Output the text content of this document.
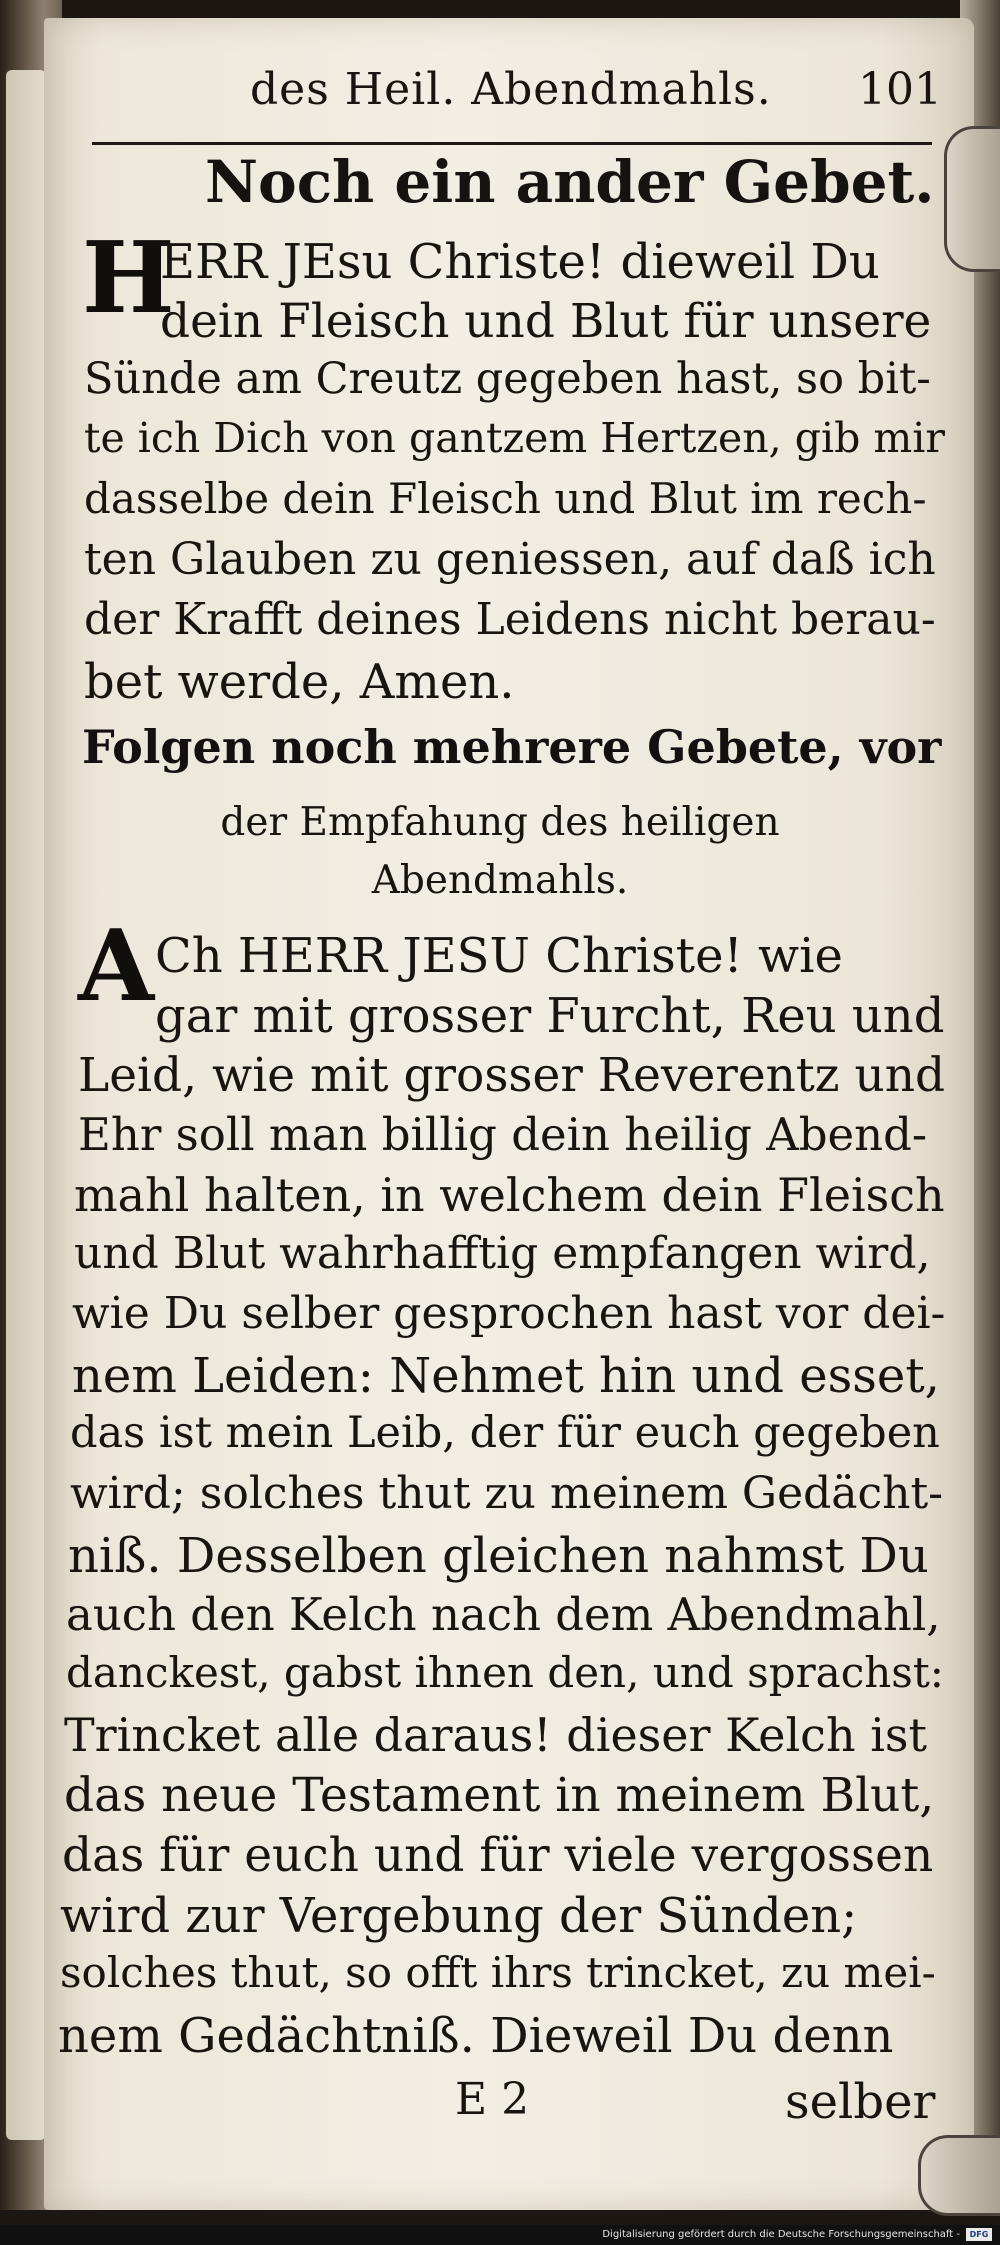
des Heil. Abendmahls. 101
Noch ein ander Gebet.
H
ERR JEsu Christe! dieweil Du
dein Fleisch und Blut für unsere
Sünde am Creutz gegeben hast, so bit-
te ich Dich von gantzem Hertzen, gib mir
dasselbe dein Fleisch und Blut im rech-
ten Glauben zu geniessen, auf daß ich
der Krafft deines Leidens nicht berau-
bet werde, Amen.
Folgen noch mehrere Gebete, vor
der Empfahung des heiligen
Abendmahls.
A Ch HERR JESU Christe! wie
gar mit grosser Furcht, Reu und
Leid, wie mit grosser Reverentz und
Ehr soll man billig dein heilig Abend-
mahl halten, in welchem dein Fleisch
und Blut wahrhafftig empfangen wird,
wie Du selber gesprochen hast vor dei-
nem Leiden: Nehmet hin und esset,
das ist mein Leib, der für euch gegeben
wird; solches thut zu meinem Gedächt-
niß. Desselben gleichen nahmst Du
auch den Kelch nach dem Abendmahl,
danckest, gabst ihnen den, und sprachst:
Trincket alle daraus! dieser Kelch ist
das neue Testament in meinem Blut,
das für euch und für viele vergossen
wird zur Vergebung der Sünden;
solches thut, so offt ihrs trincket, zu mei-
nem Gedächtniß. Dieweil Du denn
E 2	selber
Digitalisierung gefördert durch die Deutsche Forschungsgemeinschaft -	DFG
